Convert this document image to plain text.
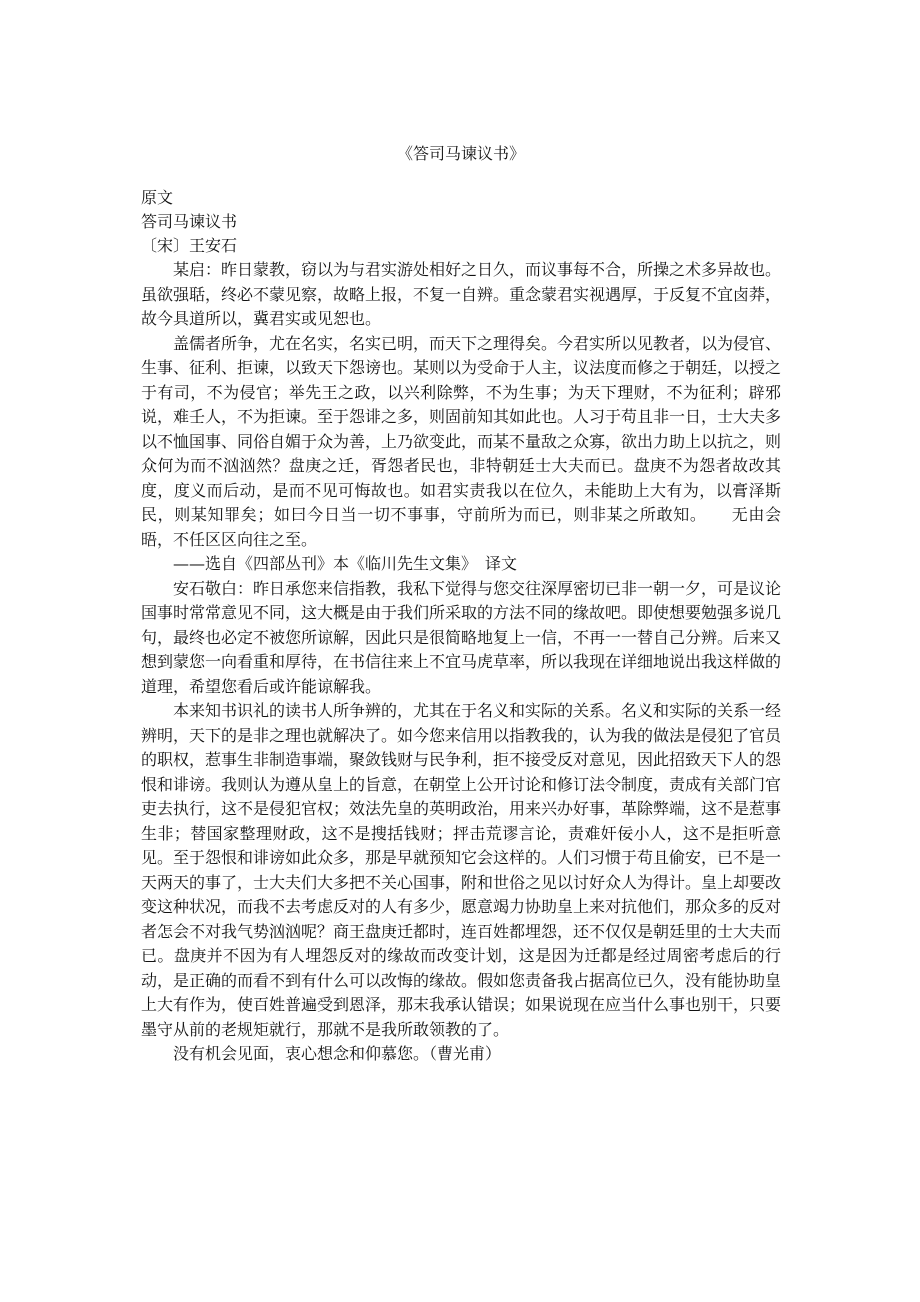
《答司马谏议书》

原文

答司马谏议书

〔宋〕王安石

某启：昨日蒙教，窃以为与君实游处相好之日久，而议事每不合，所操之术多异故也。虽欲强聒，终必不蒙见察，故略上报，不复一自辨。重念蒙君实视遇厚，于反复不宜卤莽，故今具道所以，冀君实或见恕也。

盖儒者所争，尤在名实，名实已明，而天下之理得矣。今君实所以见教者，以为侵官、生事、征利、拒谏，以致天下怨谤也。某则以为受命于人主，议法度而修之于朝廷，以授之于有司，不为侵官；举先王之政，以兴利除弊，不为生事；为天下理财，不为征利；辟邪说，难壬人，不为拒谏。至于怨诽之多，则固前知其如此也。人习于苟且非一日，士大夫多以不恤国事、同俗自媚于众为善，上乃欲变此，而某不量敌之众寡，欲出力助上以抗之，则众何为而不汹汹然？盘庚之迁，胥怨者民也，非特朝廷士大夫而已。盘庚不为怨者故改其度，度义而后动，是而不见可悔故也。如君实责我以在位久，未能助上大有为，以膏泽斯民，则某知罪矣；如曰今日当一切不事事，守前所为而已，则非某之所敢知。　　无由会晤，不任区区向往之至。

——选自《四部丛刊》本《临川先生文集》　译文

安石敬白：昨日承您来信指教，我私下觉得与您交往深厚密切已非一朝一夕，可是议论国事时常常意见不同，这大概是由于我们所采取的方法不同的缘故吧。即使想要勉强多说几句，最终也必定不被您所谅解，因此只是很简略地复上一信，不再一一替自己分辨。后来又想到蒙您一向看重和厚待，在书信往来上不宜马虎草率，所以我现在详细地说出我这样做的道理，希望您看后或许能谅解我。

本来知书识礼的读书人所争辨的，尤其在于名义和实际的关系。名义和实际的关系一经辨明，天下的是非之理也就解决了。如今您来信用以指教我的，认为我的做法是侵犯了官员的职权，惹事生非制造事端，聚敛钱财与民争利，拒不接受反对意见，因此招致天下人的怨恨和诽谤。我则认为遵从皇上的旨意，在朝堂上公开讨论和修订法令制度，责成有关部门官吏去执行，这不是侵犯官权；效法先皇的英明政治，用来兴办好事，革除弊端，这不是惹事生非；替国家整理财政，这不是搜括钱财；抨击荒谬言论，责难奸佞小人，这不是拒听意见。至于怨恨和诽谤如此众多，那是早就预知它会这样的。人们习惯于苟且偷安，已不是一天两天的事了，士大夫们大多把不关心国事，附和世俗之见以讨好众人为得计。皇上却要改变这种状况，而我不去考虑反对的人有多少，愿意竭力协助皇上来对抗他们，那众多的反对者怎会不对我气势汹汹呢？商王盘庚迁都时，连百姓都埋怨，还不仅仅是朝廷里的士大夫而已。盘庚并不因为有人埋怨反对的缘故而改变计划，这是因为迁都是经过周密考虑后的行动，是正确的而看不到有什么可以改悔的缘故。假如您责备我占据高位已久，没有能协助皇上大有作为，使百姓普遍受到恩泽，那末我承认错误；如果说现在应当什么事也别干，只要墨守从前的老规矩就行，那就不是我所敢领教的了。

没有机会见面，衷心想念和仰慕您。（曹光甫）
